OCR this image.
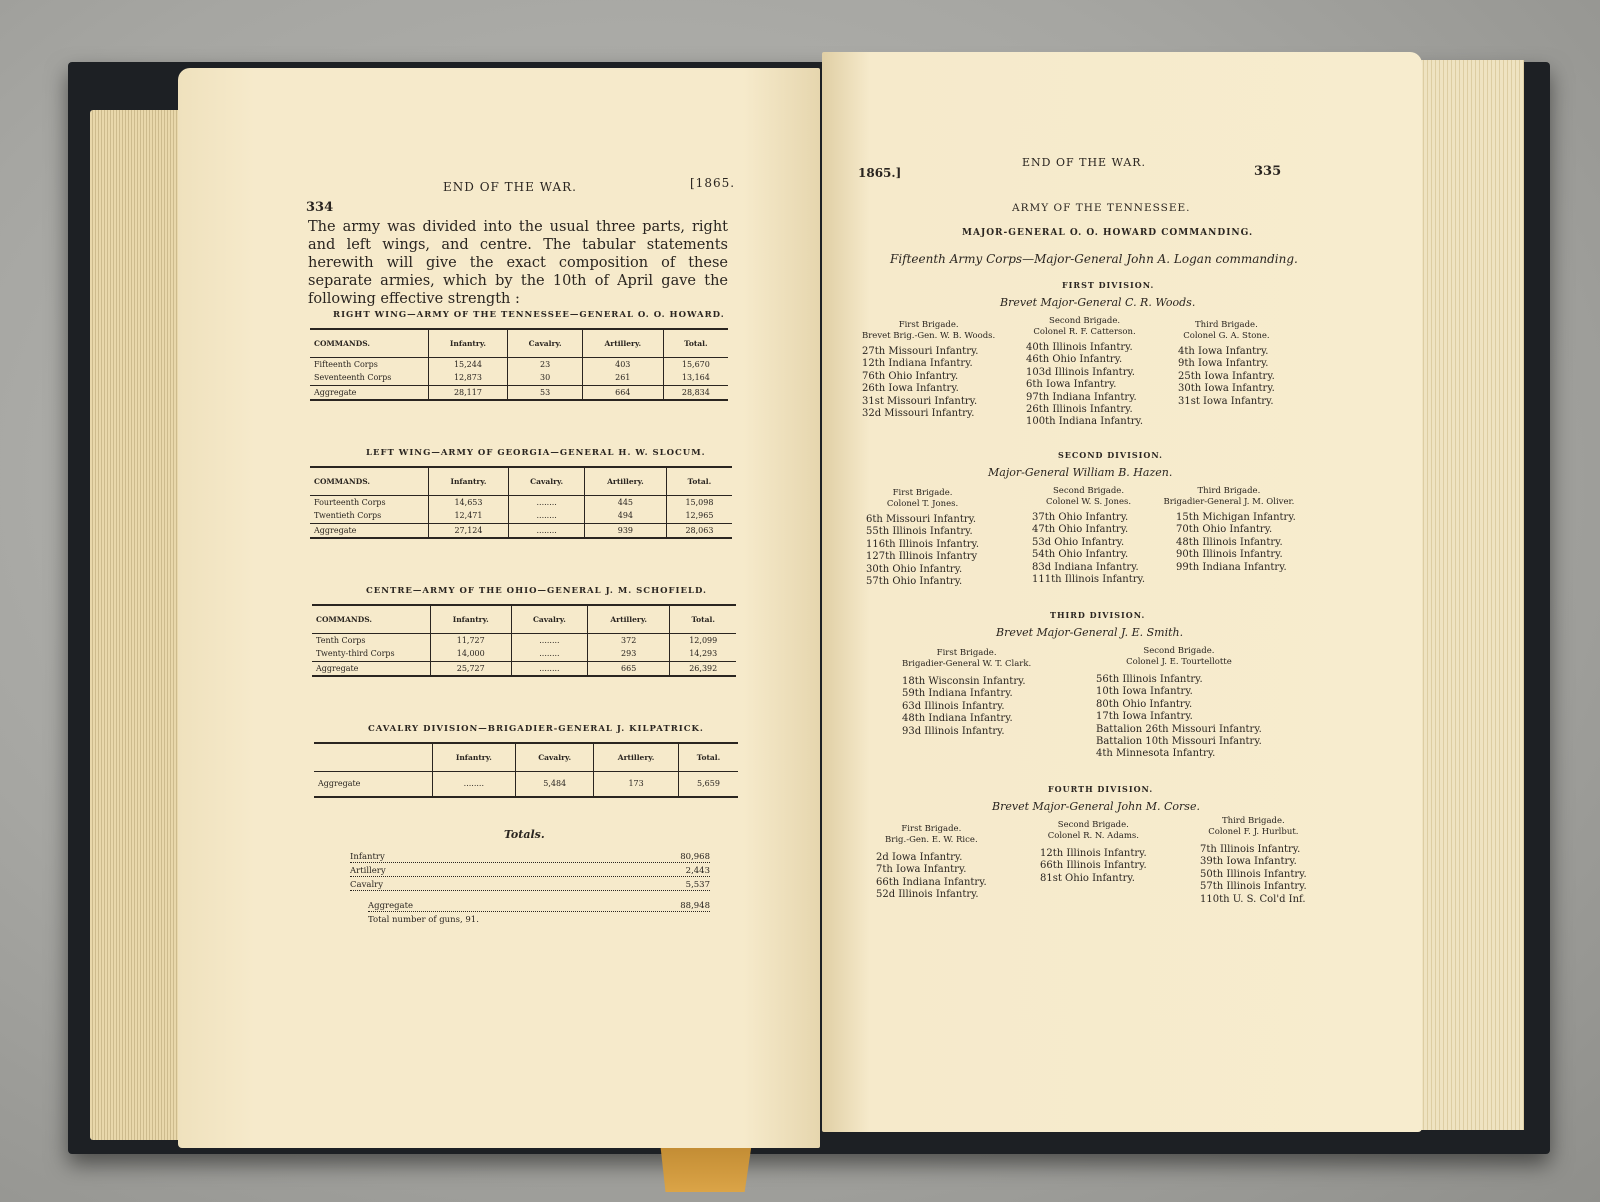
334
END OF THE WAR.	[1865.
The army was divided into the usual three parts, right and left wings, and centre. The tabular statements herewith will give the exact composition of these separate armies, which by the 10th of April gave the following effective strength :
RIGHT WING—ARMY OF THE TENNESSEE—GENERAL O. O. HOWARD.
COMMANDS.	Infantry.	Cavalry.	Artillery.	Total.
Fifteenth Corps	15,244	23	403	15,670
Seventeenth Corps	12,873	30	261	13,164
Aggregate	28,117	53	664	28,834
LEFT WING—ARMY OF GEORGIA—GENERAL H. W. SLOCUM.
COMMANDS.	Infantry.	Cavalry.	Artillery.	Total.
Fourteenth Corps	14,653	........	445	15,098
Twentieth Corps	12,471	........	494	12,965
Aggregate	27,124	........	939	28,063
CENTRE—ARMY OF THE OHIO—GENERAL J. M. SCHOFIELD.
COMMANDS.	Infantry.	Cavalry.	Artillery.	Total.
Tenth Corps	11,727	........	372	12,099
Twenty-third Corps	14,000	........	293	14,293
Aggregate	25,727	........	665	26,392
CAVALRY DIVISION—BRIGADIER-GENERAL J. KILPATRICK.
	Infantry.	Cavalry.	Artillery.	Total.
Aggregate	........	5,484	173	5,659
Totals.
Infantry	80,968
Artillery	2,443
Cavalry	5,537
Aggregate	88,948
Total number of guns, 91.
1865.]
END OF THE WAR.
335
ARMY OF THE TENNESSEE.
MAJOR-GENERAL O. O. HOWARD COMMANDING.
Fifteenth Army Corps—Major-General John A. Logan commanding.
FIRST DIVISION.
Brevet Major-General C. R. Woods.
First Brigade.
Brevet Brig.-Gen. W. B. Woods.
27th Missouri Infantry.
12th Indiana Infantry.
76th Ohio Infantry.
26th Iowa Infantry.
31st Missouri Infantry.
32d Missouri Infantry.
Second Brigade.
Colonel R. F. Catterson.
40th Illinois Infantry.
46th Ohio Infantry.
103d Illinois Infantry.
6th Iowa Infantry.
97th Indiana Infantry.
26th Illinois Infantry.
100th Indiana Infantry.
Third Brigade.
Colonel G. A. Stone.
4th Iowa Infantry.
9th Iowa Infantry.
25th Iowa Infantry.
30th Iowa Infantry.
31st Iowa Infantry.
SECOND DIVISION.
Major-General William B. Hazen.
First Brigade.
Colonel T. Jones.
6th Missouri Infantry.
55th Illinois Infantry.
116th Illinois Infantry.
127th Illinois Infantry
30th Ohio Infantry.
57th Ohio Infantry.
Second Brigade.
Colonel W. S. Jones.
37th Ohio Infantry.
47th Ohio Infantry.
53d Ohio Infantry.
54th Ohio Infantry.
83d Indiana Infantry.
111th Illinois Infantry.
Third Brigade.
Brigadier-General J. M. Oliver.
15th Michigan Infantry.
70th Ohio Infantry.
48th Illinois Infantry.
90th Illinois Infantry.
99th Indiana Infantry.
THIRD DIVISION.
Brevet Major-General J. E. Smith.
First Brigade.
Brigadier-General W. T. Clark.
18th Wisconsin Infantry.
59th Indiana Infantry.
63d Illinois Infantry.
48th Indiana Infantry.
93d Illinois Infantry.
Second Brigade.
Colonel J. E. Tourtellotte
56th Illinois Infantry.
10th Iowa Infantry.
80th Ohio Infantry.
17th Iowa Infantry.
Battalion 26th Missouri Infantry.
Battalion 10th Missouri Infantry.
4th Minnesota Infantry.
FOURTH DIVISION.
Brevet Major-General John M. Corse.
First Brigade.
Brig.-Gen. E. W. Rice.
2d Iowa Infantry.
7th Iowa Infantry.
66th Indiana Infantry.
52d Illinois Infantry.
Second Brigade.
Colonel R. N. Adams.
12th Illinois Infantry.
66th Illinois Infantry.
81st Ohio Infantry.
Third Brigade.
Colonel F. J. Hurlbut.
7th Illinois Infantry.
39th Iowa Infantry.
50th Illinois Infantry.
57th Illinois Infantry.
110th U. S. Col'd Inf.
